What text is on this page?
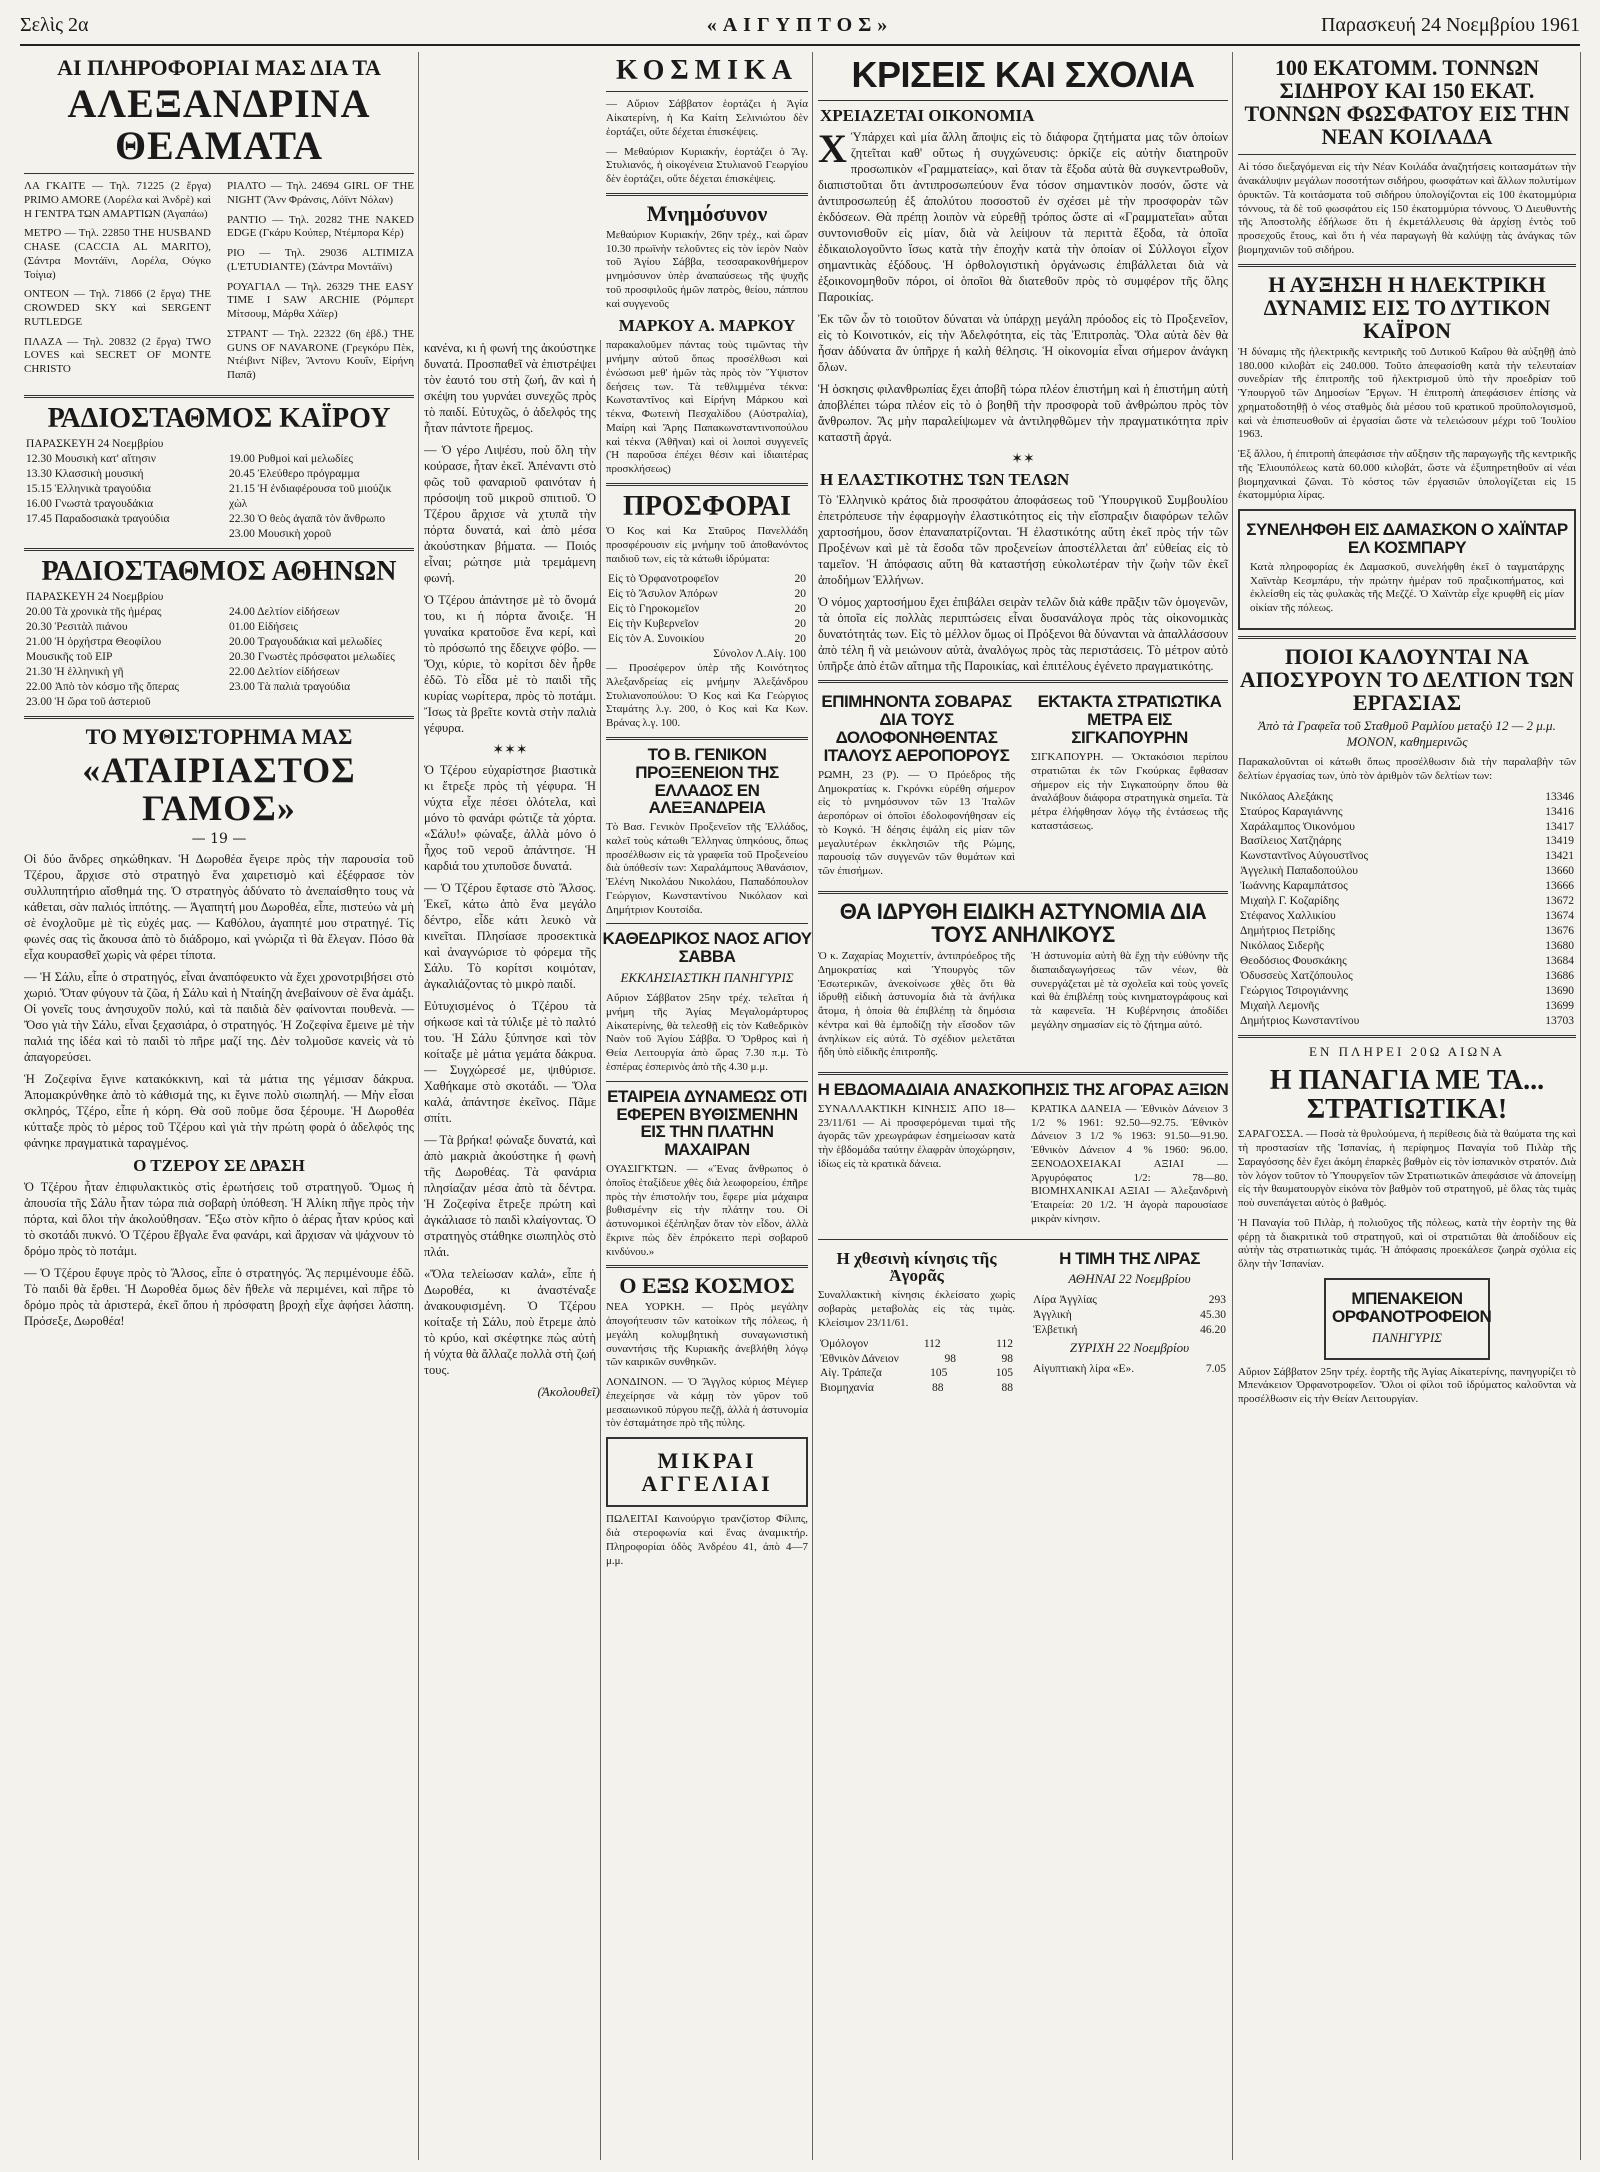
Σελὶς 2α	«ΑΙΓΥΠΤΟΣ»	Παρασκευή 24 Νοεμβρίου 1961
ΑΙ ΠΛΗΡΟΦΟΡΙΑΙ ΜΑΣ ΔΙΑ ΤΑ
ΑΛΕΞΑΝΔΡΙΝΑ ΘΕΑΜΑΤΑ

ΛΑ ΓΚΑΙΤΕ — Τηλ. 71225 (2 ἔργα) PRIMO AMORE (Λορέλα καὶ Ἀνδρὲ) καὶ Η ΓΕΝΤΡΑ ΤΩΝ ΑΜΑΡΤΙΩΝ (Ἀγαπάω)

ΜΕΤΡΟ — Τηλ. 22850 THE HUSBAND CHASE (CACCIA AL MARITO), (Σάντρα Μοντάϊνι, Λορέλα, Ούγκο Τοίγια)

ΟΝΤΕΟΝ — Τηλ. 71866 (2 ἔργα) THE CROWDED SKY καὶ SERGENT RUTLEDGE

ΠΛΑΖΑ — Τηλ. 20832 (2 ἔργα) TWO LOVES καὶ SECRET OF MONTE CHRISTO

ΡΙΑΛΤΟ — Τηλ. 24694 GIRL OF THE NIGHT (Ἄνν Φράνσις, Λόϊντ Νόλαν)

ΡΑΝΤΙΟ — Τηλ. 20282 THE NAKED EDGE (Γκάρυ Κούπερ, Ντέμπορα Κέρ)

ΡΙΟ — Τηλ. 29036 ALTIMIZA (L'ETUDIANTE) (Σάντρα Μοντάϊνι)

ΡΟΥΑΓΙΑΛ — Τηλ. 26329 THE EASY TIME I SAW ARCHIE (Ρόμπερτ Μίτσουμ, Μάρθα Χάϊερ)

ΣΤΡΑΝΤ — Τηλ. 22322 (6η ἑβδ.) THE GUNS OF NAVARONE (Γρεγκόρυ Πὲκ, Ντέιβιντ Νίβεν, Ἄντονυ Κουΐν, Εἰρήνη Παπᾶ)

ΡΑΔΙΟΣΤΑΘΜΟΣ ΚΑΪΡΟΥ
ΠΑΡΑΣΚΕΥΗ 24 Νοεμβρίου
12.30 Μουσικὴ κατ' αἴτησιν
13.30 Κλασσικὴ μουσική
15.15 Ἑλληνικὰ τραγούδια
16.00 Γνωστὰ τραγουδάκια
17.45 Παραδοσιακὰ τραγούδια
19.00 Ρυθμοὶ καὶ μελωδίες
20.45 Ἐλεύθερο πρόγραμμα
21.15 Ἡ ἐνδιαφέρουσα τοῦ μιούζικ χὼλ
22.30 Ὁ θεὸς ἀγαπᾶ τὸν ἄνθρωπο
23.00 Μουσικὴ χοροῦ
ΡΑΔΙΟΣΤΑΘΜΟΣ ΑΘΗΝΩΝ
ΠΑΡΑΣΚΕΥΗ 24 Νοεμβρίου
20.00 Τὰ χρονικὰ τῆς ἡμέρας
20.30 Ῥεσιτὰλ πιάνου
21.00 Ἡ ὀρχήστρα Θεοφίλου Μουσικῆς τοῦ ΕΙΡ
21.30 Ἡ ἑλληνικὴ γῆ
22.00 Ἀπὸ τὸν κόσμο τῆς ὄπερας
23.00 Ἡ ὥρα τοῦ ἀστεριοῦ
24.00 Δελτίον εἰδήσεων
01.00 Εἰδήσεις
20.00 Τραγουδάκια καὶ μελωδίες
20.30 Γνωστὲς πρόσφατοι μελωδίες
22.00 Δελτίον εἰδήσεων
23.00 Τὰ παλιὰ τραγούδια
ΤΟ ΜΥΘΙΣΤΟΡΗΜΑ ΜΑΣ
«ΑΤΑΙΡΙΑΣΤΟΣ ΓΑΜΟΣ»
— 19 —

Οἱ δύο ἄνδρες σηκώθηκαν. Ἡ Δωροθέα ἔγειρε πρὸς τὴν παρουσία τοῦ Τζέρου, ἄρχισε στὸ στρατηγὸ ἕνα χαιρετισμὸ καὶ ἐξέφρασε τὸν συλλυπητήριο αἴσθημά της. Ὁ στρατηγὸς ἀδύνατο τὸ ἀνεπαίσθητο τους νὰ κάθεται, σὰν παλιός ἱππότης. — Ἀγαπητή μου Δωροθέα, εἶπε, πιστεύω νὰ μὴ σὲ ἐνοχλοῦμε μὲ τὶς εὐχές μας. — Καθόλου, ἀγαπητέ μου στρατηγέ. Τίς φωνές σας τὶς ἄκουσα ἀπὸ τὸ διάδρομο, καὶ γνώριζα τὶ θὰ ἔλεγαν. Πόσο θὰ εἶχα κουρασθεῖ χωρὶς νὰ φέρει τίποτα.

— Ἡ Σάλυ, εἶπε ὁ στρατηγός, εἶναι ἀναπόφευκτο νὰ ἔχει χρονοτριβήσει στὸ χωριό. Ὅταν φύγουν τὰ ζῶα, ἡ Σάλυ καὶ ἡ Νταίηζη ἀνεβαίνουν σὲ ἕνα ἀμάξι. Οἱ γονεῖς τους ἀνησυχοῦν πολύ, καὶ τὰ παιδιὰ δὲν φαίνονται πουθενὰ. — Ὄσο γιὰ τὴν Σάλυ, εἶναι ξεχασιάρα, ὁ στρατηγός. Ἡ Ζοζεφίνα ἔμεινε μὲ τὴν παλιά της ἰδέα καὶ τὸ παιδὶ τὸ πῆρε μαζί της. Δὲν τολμοῦσε κανεὶς νὰ τὸ ἀπαγορεύσει.

Ἡ Ζοζεφίνα ἔγινε κατακόκκινη, καὶ τὰ μάτια της γέμισαν δάκρυα. Ἀπομακρύνθηκε ἀπὸ τὸ κάθισμά της, κι ἔγινε πολὺ σιωπηλή. — Μὴν εἶσαι σκληρός, Τζέρο, εἶπε ἡ κόρη. Θὰ σοῦ ποῦμε ὅσα ξέρουμε. Ἡ Δωροθέα κύτταξε πρὸς τὸ μέρος τοῦ Τζέρου καὶ γιὰ τὴν πρώτη φορὰ ὁ ἀδελφός της φάνηκε πραγματικὰ ταραγμένος.

Ο ΤΖΕΡΟΥ ΣΕ ΔΡΑΣΗ

Ὁ Τζέρου ἦταν ἐπιφυλακτικὸς στὶς ἐρωτήσεις τοῦ στρατηγοῦ. Ὅμως ἡ ἀπουσία τῆς Σάλυ ἦταν τώρα πιὰ σοβαρὴ ὑπόθεση. Ἡ Ἀλίκη πῆγε πρὸς τὴν πόρτα, καὶ ὅλοι τὴν ἀκολούθησαν. Ἔξω στὸν κῆπο ὁ ἀέρας ἦταν κρύος καὶ τὸ σκοτάδι πυκνό. Ὁ Τζέρου ἔβγαλε ἕνα φανάρι, καὶ ἄρχισαν νὰ ψάχνουν τὸ δρόμο πρὸς τὸ ποτάμι.

— Ὁ Τζέρου ἔφυγε πρὸς τὸ Ἄλσος, εἶπε ὁ στρατηγός. Ἂς περιμένουμε ἐδῶ. Τὸ παιδὶ θὰ ἔρθει. Ἡ Δωροθέα ὅμως δὲν ἤθελε νὰ περιμένει, καὶ πῆρε τὸ δρόμο πρὸς τὰ ἀριστερά, ἐκεῖ ὅπου ἡ πρόσφατη βροχὴ εἶχε ἀφήσει λάσπη. Πρόσεξε, Δωροθέα!

κανένα, κι ἡ φωνή της ἀκούστηκε δυνατά. Προσπαθεῖ νὰ ἐπιστρέψει τὸν ἑαυτό του στὴ ζωή, ἂν καὶ ἡ σκέψη του γυρνάει συνεχῶς πρὸς τὸ παιδί. Εὐτυχῶς, ὁ ἀδελφός της ἦταν πάντοτε ἥρεμος.

— Ὁ γέρο Λιψέσυ, ποὺ ὅλη τὴν κούρασε, ἦταν ἐκεῖ. Ἀπέναντι στὸ φῶς τοῦ φαναριοῦ φαινόταν ἡ πρόσοψη τοῦ μικροῦ σπιτιοῦ. Ὁ Τζέρου ἄρχισε νὰ χτυπᾶ τὴν πόρτα δυνατά, καὶ ἀπὸ μέσα ἀκούστηκαν βήματα. — Ποιός εἶναι; ρώτησε μιὰ τρεμάμενη φωνή.

Ὁ Τζέρου ἀπάντησε μὲ τὸ ὄνομά του, κι ἡ πόρτα ἄνοιξε. Ἡ γυναίκα κρατοῦσε ἕνα κερί, καὶ τὸ πρόσωπό της ἔδειχνε φόβο. — Ὄχι, κύριε, τὸ κορίτσι δὲν ἦρθε ἐδῶ. Τὸ εἶδα μὲ τὸ παιδὶ τῆς κυρίας νωρίτερα, πρὸς τὸ ποτάμι. Ἴσως τὰ βρεῖτε κοντὰ στὴν παλιὰ γέφυρα.

✶✶✶

Ὁ Τζέρου εὐχαρίστησε βιαστικὰ κι ἔτρεξε πρὸς τὴ γέφυρα. Ἡ νύχτα εἶχε πέσει ὁλότελα, καὶ μόνο τὸ φανάρι φώτιζε τὰ χόρτα. «Σάλυ!» φώναξε, ἀλλὰ μόνο ὁ ἦχος τοῦ νεροῦ ἀπάντησε. Ἡ καρδιά του χτυποῦσε δυνατά.

— Ὁ Τζέρου ἔφτασε στὸ Ἄλσος. Ἐκεῖ, κάτω ἀπὸ ἕνα μεγάλο δέντρο, εἶδε κάτι λευκὸ νὰ κινεῖται. Πλησίασε προσεκτικὰ καὶ ἀναγνώρισε τὸ φόρεμα τῆς Σάλυ. Τὸ κορίτσι κοιμόταν, ἀγκαλιάζοντας τὸ μικρὸ παιδί.

Εὐτυχισμένος ὁ Τζέρου τὰ σήκωσε καὶ τὰ τύλιξε μὲ τὸ παλτό του. Ἡ Σάλυ ξύπνησε καὶ τὸν κοίταξε μὲ μάτια γεμάτα δάκρυα. — Συγχώρεσέ με, ψιθύρισε. Χαθήκαμε στὸ σκοτάδι. — Ὅλα καλά, ἀπάντησε ἐκεῖνος. Πᾶμε σπίτι.

— Τὰ βρήκα! φώναξε δυνατά, καὶ ἀπὸ μακριὰ ἀκούστηκε ἡ φωνὴ τῆς Δωροθέας. Τὰ φανάρια πλησίαζαν μέσα ἀπὸ τὰ δέντρα. Ἡ Ζοζεφίνα ἔτρεξε πρώτη καὶ ἀγκάλιασε τὸ παιδὶ κλαίγοντας. Ὁ στρατηγὸς στάθηκε σιωπηλὸς στὸ πλάι.

«Ὅλα τελείωσαν καλά», εἶπε ἡ Δωροθέα, κι ἀναστέναξε ἀνακουφισμένη. Ὁ Τζέρου κοίταξε τὴ Σάλυ, ποὺ ἔτρεμε ἀπὸ τὸ κρύο, καὶ σκέφτηκε πὼς αὐτὴ ἡ νύχτα θὰ ἄλλαζε πολλὰ στὴ ζωή τους.

(Ἀκολουθεῖ)
ΚΟΣΜΙΚΑ

— Αὔριον Σάββατον ἑορτάζει ἡ Ἁγία Αἰκατερίνη, ἡ Κα Καίτη Σελινιώτου δὲν ἑορτάζει, οὔτε δέχεται ἐπισκέψεις.

— Μεθαύριον Κυριακήν, ἑορτάζει ὁ Ἅγ. Στυλιανός, ἡ οἰκογένεια Στυλιανοῦ Γεωργίου δὲν ἑορτάζει, οὔτε δέχεται ἐπισκέψεις.

Μνημόσυνον

Μεθαύριον Κυριακήν, 26ην τρέχ., καὶ ὥραν 10.30 πρωϊνὴν τελοῦντες εἰς τὸν ἱερὸν Ναὸν τοῦ Ἁγίου Σάββα, τεσσαρακονθήμερον μνημόσυνον ὑπὲρ ἀναπαύσεως τῆς ψυχῆς τοῦ προσφιλοῦς ἡμῶν πατρὸς, θείου, πάππου καὶ συγγενοῦς

ΜΑΡΚΟΥ Α. ΜΑΡΚΟΥ

παρακαλοῦμεν πάντας τοὺς τιμῶντας τὴν μνήμην αὐτοῦ ὅπως προσέλθωσι καὶ ἑνώσωσι μεθ' ἡμῶν τὰς πρὸς τὸν Ὕψιστον δεήσεις των. Τὰ τεθλιμμένα τέκνα: Κωνσταντῖνος καὶ Εἰρήνη Μάρκου καὶ τέκνα, Φωτεινὴ Πεσχαλίδου (Αὐστραλία), Μαίρη καὶ Ἄρης Παπακωνσταντινοπούλου καὶ τέκνα (Ἀθῆναι) καὶ οἱ λοιποὶ συγγενεῖς (Ἡ παροῦσα ἐπέχει θέσιν καὶ ἰδιαιτέρας προσκλήσεως)

ΠΡΟΣΦΟΡΑΙ

Ὁ Κος καὶ Κα Σταῦρος Πανελλάδη προσφέρουσιν εἰς μνήμην τοῦ ἀποθανόντος παιδιοῦ των, εἰς τὰ κάτωθι ἱδρύματα:

Εἰς τὸ Ὀρφανοτροφεῖον	20
Εἰς τὸ Ἄσυλον Ἀπόρων	20
Εἰς τὸ Γηροκομεῖον	20
Εἰς τὴν Κυβερνεῖον	20
Εἰς τὸν Α. Συνοικίου	20
Σύνολον Λ.Αἰγ. 100

— Προσέφερον ὑπὲρ τῆς Κοινότητος Ἀλεξανδρείας εἰς μνήμην Ἀλεξάνδρου Στυλιανοπούλου: Ὁ Κος καὶ Κα Γεώργιος Σταμάτης λ.γ. 200, ὁ Κος καὶ Κα Κων. Βράνας λ.γ. 100.

ΤΟ Β. ΓΕΝΙΚΟΝ ΠΡΟΞΕΝΕΙΟΝ ΤΗΣ ΕΛΛΑΔΟΣ ΕΝ ΑΛΕΞΑΝΔΡΕΙΑ

Τὸ Βασ. Γενικὸν Προξενεῖον τῆς Ἑλλάδος, καλεῖ τοὺς κάτωθι Ἕλληνας ὑπηκόους, ὅπως προσέλθωσιν εἰς τὰ γραφεῖα τοῦ Προξενείου διὰ ὑπόθεσίν των: Χαραλάμπους Ἀθανάσιον, Ἐλένη Νικολάου Νικολάου, Παπαδόπουλον Γεώργιον, Κωνσταντίνου Νικόλαον καὶ Δημήτριον Κουτσίδα.

ΚΑΘΕΔΡΙΚΟΣ ΝΑΟΣ ΑΓΙΟΥ ΣΑΒΒΑ
ΕΚΚΛΗΣΙΑΣΤΙΚΗ ΠΑΝΗΓΥΡΙΣ

Αὔριον Σάββατον 25ην τρέχ. τελεῖται ἡ μνήμη τῆς Ἁγίας Μεγαλομάρτυρος Αἰκατερίνης, θὰ τελεσθῇ εἰς τὸν Καθεδρικὸν Ναὸν τοῦ Ἁγίου Σάββα. Ὁ Ὄρθρος καὶ ἡ Θεία Λειτουργία ἀπὸ ὥρας 7.30 π.μ. Τὸ ἑσπέρας ἐσπερινὸς ἀπὸ τῆς 4.30 μ.μ.

ΕΤΑΙΡΕΙΑ ΔΥΝΑΜΕΩΣ ΟΤΙ ΕΦΕΡΕΝ ΒΥΘΙΣΜΕΝΗΝ ΕΙΣ ΤΗΝ ΠΛΑΤΗΝ ΜΑΧΑΙΡΑΝ

ΟΥΑΣΙΓΚΤΩΝ. — «Ἕνας ἄνθρωπος ὁ ὁποῖος ἐταξίδευε χθὲς διὰ λεωφορείου, ἐπῆρε πρὸς τὴν ἐπιστολήν του, ἔφερε μία μάχαιρα βυθισμένην εἰς τὴν πλάτην του. Οἱ ἀστυνομικοὶ ἐξέπληξαν ὅταν τὸν εἶδον, ἀλλὰ ἔκρινε πὼς δὲν ἐπρόκειτο περὶ σοβαροῦ κινδύνου.»

Ο ΕΞΩ ΚΟΣΜΟΣ

ΝΕΑ ΥΟΡΚΗ. — Πρὸς μεγάλην ἀπογοήτευσιν τῶν κατοίκων τῆς πόλεως, ἡ μεγάλη κολυμβητικὴ συναγωνιστικὴ συναντήσις τῆς Κυριακῆς ἀνεβλήθη λόγῳ τῶν καιρικῶν συνθηκῶν.

ΛΟΝΔΙΝΟΝ. — Ὁ Ἄγγλος κύριος Μέγιερ ἐπεχείρησε νὰ κάμῃ τὸν γῦρον τοῦ μεσαιωνικοῦ πύργου πεζῇ, ἀλλὰ ἡ ἀστυνομία τὸν ἐσταμάτησε πρὸ τῆς πύλης.

ΜΙΚΡΑΙ ΑΓΓΕΛΙΑΙ

ΠΩΛΕΙΤΑΙ Καινούργιο τρανζίστορ Φίλιπς, διὰ στεροφωνία καὶ ἕνας ἀναμικτήρ. Πληροφορίαι ὁδὸς Ἀνδρέου 41, ἀπὸ 4—7 μ.μ.

ΚΡΙΣΕΙΣ ΚΑΙ ΣΧΟΛΙΑ
ΧΡΕΙΑΖΕΤΑΙ ΟΙΚΟΝΟΜΙΑ

Χ Ὑπάρχει καὶ μία ἄλλη ἄποψις εἰς τὸ διάφορα ζητήματα μας τῶν ὁποίων ζητεῖται καθ' οὕτως ἡ συγχώνευσις: ὁρκίζε εἰς αὐτὴν διατηροῦν προσωπικὸν «Γραμματείας», καὶ ὅταν τὰ ἔξοδα αὐτὰ θὰ συγκεντρωθοῦν, διαπιστοῦται ὅτι ἀντιπροσωπεύουν ἕνα τόσον σημαντικὸν ποσόν, ὥστε νὰ ἀντιπροσωπεύῃ ἐξ ἀπολύτου ποσοστοῦ ἐν σχέσει μὲ τὴν προσφορὰν τῶν ἐκδόσεων. Θὰ πρέπῃ λοιπὸν νὰ εὑρεθῇ τρόπος ὥστε αἱ «Γραμματεῖαι» αὗται συντονισθοῦν εἰς μίαν, διὰ νὰ λείψουν τὰ περιττὰ ἔξοδα, τὰ ὁποῖα ἐδικαιολογοῦντο ἴσως κατὰ τὴν ἐποχὴν κατὰ τὴν ὁποίαν οἱ Σύλλογοι εἶχον σημαντικὰς ἐξόδους. Ἡ ὀρθολογιστικὴ ὀργάνωσις ἐπιβάλλεται διὰ νὰ ἐξοικονομηθοῦν πόροι, οἱ ὁποῖοι θὰ διατεθοῦν πρὸς τὸ συμφέρον τῆς ὅλης Παροικίας.

Ἐκ τῶν ὧν τὸ τοιοῦτον δύναται νὰ ὑπάρχῃ μεγάλη πρόοδος εἰς τὸ Προξενεῖον, εἰς τὸ Κοινοτικόν, εἰς τὴν Ἀδελφότητα, εἰς τὰς Ἐπιτροπὰς. Ὅλα αὐτὰ δὲν θὰ ἦσαν ἀδύνατα ἂν ὑπῆρχε ἡ καλὴ θέλησις. Ἡ οἰκονομία εἶναι σήμερον ἀνάγκη ὅλων.

Ἡ ὁσκησις φιλανθρωπίας ἔχει ἀποβῆ τώρα πλέον ἐπιστήμη καὶ ἡ ἐπιστήμη αὐτὴ ἀποβλέπει τώρα πλέον εἰς τὸ ὁ βοηθῆ τὴν προσφορὰ τοῦ ἀνθρώπου πρὸς τὸν ἄνθρωπον. Ἂς μὴν παραλείψωμεν νὰ ἀντιληφθῶμεν τὴν πραγματικότητα πρὶν καταστῆ ἀργά.

✶✶
Η ΕΛΑΣΤΙΚΟΤΗΣ ΤΩΝ ΤΕΛΩΝ

Τὸ Ἑλληνικὸ κράτος διὰ προσφάτου ἀποφάσεως τοῦ Ὑπουργικοῦ Συμβουλίου ἐπετρόπευσε τὴν ἐφαρμογὴν ἐλαστικότητος εἰς τὴν εἴσπραξιν διαφόρων τελῶν χαρτοσήμου, ὅσον ἐπαναπατρίζονται. Ἡ ἐλαστικότης αὕτη ἐκεῖ πρὸς τήν τῶν Προξένων καὶ μὲ τὰ ἔσοδα τῶν προξενείων ἀποστέλλεται ἀπ' εὐθείας εἰς τὸ ταμεῖον. Ἡ ἀπόφασις αὕτη θὰ καταστήσῃ εὐκολωτέραν τὴν ζωὴν τῶν ἐκεῖ ἀποδήμων Ἑλλήνων.

Ὁ νόμος χαρτοσήμου ἔχει ἐπιβάλει σειρὰν τελῶν διὰ κάθε πρᾶξιν τῶν ὁμογενῶν, τὰ ὁποῖα εἰς πολλὰς περιπτώσεις εἶναι δυσανάλογα πρὸς τὰς οἰκονομικὰς δυνατότητάς των. Εἰς τὸ μέλλον ὅμως οἱ Πρόξενοι θὰ δύνανται νὰ ἀπαλλάσσουν ἀπὸ τέλη ἢ νὰ μειώνουν αὐτὰ, ἀναλόγως πρὸς τὰς περιστάσεις. Τὸ μέτρον αὐτὸ ὑπῆρξε ἀπὸ ἐτῶν αἴτημα τῆς Παροικίας, καὶ ἐπιτέλους ἐγένετο πραγματικότης.

ΕΠΙΜΗΝΟΝΤΑ ΣΟΒΑΡΑΣ ΔΙΑ ΤΟΥΣ ΔΟΛΟΦΟΝΗΘΕΝΤΑΣ ΙΤΑΛΟΥΣ ΑΕΡΟΠΟΡΟΥΣ

ΡΩΜΗ, 23 (Ρ). — Ὁ Πρόεδρος τῆς Δημοκρατίας κ. Γκρόνκι εὐρέθη σήμερον εἰς τὸ μνημόσυνον τῶν 13 Ἰταλῶν ἀεροπόρων οἱ ὁποῖοι ἐδολοφονήθησαν εἰς τὸ Κογκό. Ἡ δέησις ἐψάλη εἰς μίαν τῶν μεγαλυτέρων ἐκκλησιῶν τῆς Ρώμης, παρουσίᾳ τῶν συγγενῶν τῶν θυμάτων καὶ τῶν ἐπισήμων.

ΕΚΤΑΚΤΑ ΣΤΡΑΤΙΩΤΙΚΑ ΜΕΤΡΑ ΕΙΣ ΣΙΓΚΑΠΟΥΡΗΝ

ΣΙΓΚΑΠΟΥΡΗ. — Ὀκτακόσιοι περίπου στρατιῶται ἐκ τῶν Γκούρκας ἔφθασαν σήμερον εἰς τὴν Σιγκαπούρην ὅπου θὰ ἀναλάβουν διάφορα στρατηγικὰ σημεῖα. Τὰ μέτρα ἐλήφθησαν λόγῳ τῆς ἐντάσεως τῆς καταστάσεως.

ΘΑ ΙΔΡΥΘΗ ΕΙΔΙΚΗ ΑΣΤΥΝΟΜΙΑ ΔΙΑ ΤΟΥΣ ΑΝΗΛΙΚΟΥΣ

Ὁ κ. Ζαχαρίας Μοχιεττίν, ἀντιπρόεδρος τῆς Δημοκρατίας καὶ Ὑπουργὸς τῶν Ἐσωτερικῶν, ἀνεκοίνωσε χθὲς ὅτι θὰ ἱδρυθῇ εἰδικὴ ἀστυνομία διὰ τὰ ἀνήλικα ἄτομα, ἡ ὁποία θὰ ἐπιβλέπῃ τὰ δημόσια κέντρα καὶ θὰ ἐμποδίζῃ τὴν εἴσοδον τῶν ἀνηλίκων εἰς αὐτά. Τὸ σχέδιον μελετᾶται ἤδη ὑπὸ εἰδικῆς ἐπιτροπῆς.

Ἡ ἀστυνομία αὐτὴ θὰ ἔχῃ τὴν εὐθύνην τῆς διαπαιδαγωγήσεως τῶν νέων, θὰ συνεργάζεται μὲ τὰ σχολεῖα καὶ τοὺς γονεῖς καὶ θὰ ἐπιβλέπῃ τοὺς κινηματογράφους καὶ τὰ καφενεῖα. Ἡ Κυβέρνησις ἀποδίδει μεγάλην σημασίαν εἰς τὸ ζήτημα αὐτό.

Η ΕΒΔΟΜΑΔΙΑΙΑ ΑΝΑΣΚΟΠΗΣΙΣ ΤΗΣ ΑΓΟΡΑΣ ΑΞΙΩΝ

ΣΥΝΑΛΛΑΚΤΙΚΗ ΚΙΝΗΣΙΣ ΑΠΟ 18—23/11/61 — Αἱ προσφερόμεναι τιμαὶ τῆς ἀγορᾶς τῶν χρεωγράφων ἐσημείωσαν κατὰ τὴν ἑβδομάδα ταύτην ἐλαφρὰν ὑποχώρησιν, ἰδίως εἰς τὰ κρατικὰ δάνεια.

ΚΡΑΤΙΚΑ ΔΑΝΕΙΑ — Ἐθνικὸν Δάνειον 3 1/2 % 1961: 92.50—92.75. Ἐθνικὸν Δάνειον 3 1/2 % 1963: 91.50—91.90. Ἐθνικὸν Δάνειον 4 % 1960: 96.00. ΞΕΝΟΔΟΧΕΙΑΚΑΙ ΑΞΙΑΙ — Ἀργυρόφατος 1/2: 78—80. ΒΙΟΜΗΧΑΝΙΚΑΙ ΑΞΙΑΙ — Ἀλεξανδρινὴ Ἐταιρεία: 20 1/2. Ἡ ἀγορὰ παρουσίασε μικρὰν κίνησιν.

Η χθεσινὴ κίνησις τῆς Ἀγορᾶς

Συναλλακτικὴ κίνησις ἐκλείσατο χωρὶς σοβαρὰς μεταβολὰς εἰς τὰς τιμὰς. Κλείσιμον 23/11/61.

Ὁμόλογον	112	112
Ἐθνικὸν Δάνειον	98	98
Αἰγ. Τράπεζα	105	105
Βιομηχανία	88	88
Η ΤΙΜΗ ΤΗΣ ΛΙΡΑΣ
ΑΘΗΝΑΙ 22 Νοεμβρίου
Λίρα Ἀγγλίας	293
Ἀγγλικὴ	45.30
Ἐλβετική	46.20
ΖΥΡΙΧΗ 22 Νοεμβρίου
Αἰγυπτιακὴ λίρα «Ε».	7.05
100 ΕΚΑΤΟΜΜ. ΤΟΝΝΩΝ ΣΙΔΗΡΟΥ ΚΑΙ 150 ΕΚΑΤ. ΤΟΝΝΩΝ ΦΩΣΦΑΤΟΥ ΕΙΣ ΤΗΝ ΝΕΑΝ ΚΟΙΛΑΔΑ

Αἱ τόσο διεξαγόμεναι εἰς τὴν Νέαν Κοιλάδα ἀναζητήσεις κοιτασμάτων τὴν ἀνακάλυψιν μεγάλων ποσοτήτων σιδήρου, φωσφάτων καὶ ἄλλων πολυτίμων ὀρυκτῶν. Τὰ κοιτάσματα τοῦ σιδήρου ὑπολογίζονται εἰς 100 ἑκατομμύρια τόννους, τὰ δὲ τοῦ φωσφάτου εἰς 150 ἑκατομμύρια τόννους. Ὁ Διευθυντὴς τῆς Ἀποστολῆς ἐδήλωσε ὅτι ἡ ἐκμετάλλευσις θὰ ἀρχίσῃ ἐντὸς τοῦ προσεχοῦς ἔτους, καὶ ὅτι ἡ νέα παραγωγὴ θὰ καλύψῃ τὰς ἀνάγκας τῶν βιομηχανιῶν τοῦ σιδήρου.

Η ΑΥΞΗΣΗ Η ΗΛΕΚΤΡΙΚΗ ΔΥΝΑΜΙΣ ΕΙΣ ΤΟ ΔΥΤΙΚΟΝ ΚΑΪΡΟΝ

Ἡ δύναμις τῆς ἠλεκτρικῆς κεντρικῆς τοῦ Δυτικοῦ Καΐρου θὰ αὐξηθῇ ἀπὸ 180.000 κιλοβὰτ εἰς 240.000. Τοῦτο ἀπεφασίσθη κατὰ τὴν τελευταίαν συνεδρίαν τῆς ἐπιτροπῆς τοῦ ἠλεκτρισμοῦ ὑπὸ τὴν προεδρίαν τοῦ Ὑπουργοῦ τῶν Δημοσίων Ἔργων. Ἡ ἐπιτροπὴ ἀπεφάσισεν ἐπίσης νὰ χρηματοδοτηθῇ ὁ νέος σταθμὸς διὰ μέσου τοῦ κρατικοῦ προϋπολογισμοῦ, καὶ νὰ ἐπισπευσθοῦν αἱ ἐργασίαι ὥστε νὰ τελειώσουν μέχρι τοῦ Ἰουλίου 1963.

Ἐξ ἄλλου, ἡ ἐπιτροπὴ ἀπεφάσισε τὴν αὔξησιν τῆς παραγωγῆς τῆς κεντρικῆς τῆς Ἑλιουπόλεως κατὰ 60.000 κιλοβάτ, ὥστε νὰ ἐξυπηρετηθοῦν αἱ νέαι βιομηχανικαὶ ζῶναι. Τὸ κόστος τῶν ἐργασιῶν ὑπολογίζεται εἰς 15 ἑκατομμύρια λίρας.

ΣΥΝΕΛΗΦΘΗ ΕΙΣ ΔΑΜΑΣΚΟΝ Ο ΧΑΪΝΤΑΡ ΕΛ ΚΟΣΜΠΑΡΥ

Κατὰ πληροφορίας ἐκ Δαμασκοῦ, συνελήφθη ἐκεῖ ὁ ταγματάρχης Χαϊντὰρ Κεσμπάρυ, τὴν πρώτην ἡμέραν τοῦ πραξικοπήματος, καὶ ἐκλείσθη εἰς τὰς φυλακὰς τῆς Μεζζέ. Ὁ Χαϊντὰρ εἶχε κρυφθῆ εἰς μίαν οἰκίαν τῆς πόλεως.

ΠΟΙΟΙ ΚΑΛΟΥΝΤΑΙ ΝΑ ΑΠΟΣΥΡΟΥΝ ΤΟ ΔΕΛΤΙΟΝ ΤΩΝ ΕΡΓΑΣΙΑΣ
Ἀπὸ τὰ Γραφεῖα τοῦ Σταθμοῦ Ραμλίου μεταξὺ 12 — 2 μ.μ. ΜΟΝΟΝ, καθημερινῶς

Παρακαλοῦνται οἱ κάτωθι ὅπως προσέλθωσιν διὰ τὴν παραλαβὴν τῶν δελτίων ἐργασίας των, ὑπὸ τὸν ἀριθμὸν τῶν δελτίων των:

Νικόλαος Αλεξάκης	13346
Σταύρος Καραγιάννης	13416
Χαράλαμπος Ὀικονόμου	13417
Βασίλειος Χατζηάρης	13419
Κωνσταντῖνος Αὐγουστῖνος	13421
Ἀγγελικὴ Παπαδοπούλου	13660
Ἰωάννης Καραμπάτσος	13666
Μιχαὴλ Γ. Κοζαρίδης	13672
Στέφανος Χαλλικίου	13674
Δημήτριος Πετρίδης	13676
Νικόλαος Σιδερῆς	13680
Θεοδόσιος Φουσκάκης	13684
Ὀδυσσεὺς Χατζόπουλος	13686
Γεώργιος Τσιρογιάννης	13690
Μιχαὴλ Λεμονῆς	13699
Δημήτριος Κωνσταντίνου	13703
ΕΝ ΠΛΗΡΕΙ 20Ω ΑΙΩΝΑ
Η ΠΑΝΑΓΙΑ ΜΕ ΤΑ... ΣΤΡΑΤΙΩΤΙΚΑ!

ΣΑΡΑΓΟΣΣΑ. — Ποσὰ τὰ θρυλούμενα, ἡ περίθεσις διὰ τὰ θαύματα της καὶ τὴ προστασίαν τῆς Ἱσπανίας, ἡ περίφημος Παναγία τοῦ Πιλὰρ τῆς Σαραγόσσης δὲν ἔχει ἀκόμη ἐπαρκὲς βαθμὸν εἰς τὸν ἱσπανικὸν στρατόν. Διὰ τὸν λόγον τοῦτον τὸ Ὑπουργεῖον τῶν Στρατιωτικῶν ἀπεφάσισε νὰ ἀπονείμῃ εἰς τὴν θαυματουργὸν εἰκόνα τὸν βαθμὸν τοῦ στρατηγοῦ, μὲ ὅλας τὰς τιμὰς ποὺ συνεπάγεται αὐτὸς ὁ βαθμός.

Ἡ Παναγία τοῦ Πιλὰρ, ἡ πολιοῦχος τῆς πόλεως, κατὰ τὴν ἑορτὴν της θὰ φέρῃ τὰ διακριτικὰ τοῦ στρατηγοῦ, καὶ οἱ στρατιῶται θὰ ἀποδίδουν εἰς αὐτὴν τὰς στρατιωτικὰς τιμάς. Ἡ ἀπόφασις προεκάλεσε ζωηρὰ σχόλια εἰς ὅλην τὴν Ἱσπανίαν.

ΜΠΕΝΑΚΕΙΟΝ ΟΡΦΑΝΟΤΡΟΦΕΙΟΝ
ΠΑΝΗΓΥΡΙΣ

Αὔριον Σάββατον 25ην τρέχ. ἑορτῆς τῆς Ἁγίας Αἰκατερίνης, πανηγυρίζει τὸ Μπενάκειον Ὀρφανοτροφεῖον. Ὅλοι οἱ φίλοι τοῦ ἱδρύματος καλοῦνται νὰ προσέλθωσιν εἰς τὴν Θείαν Λειτουργίαν.
